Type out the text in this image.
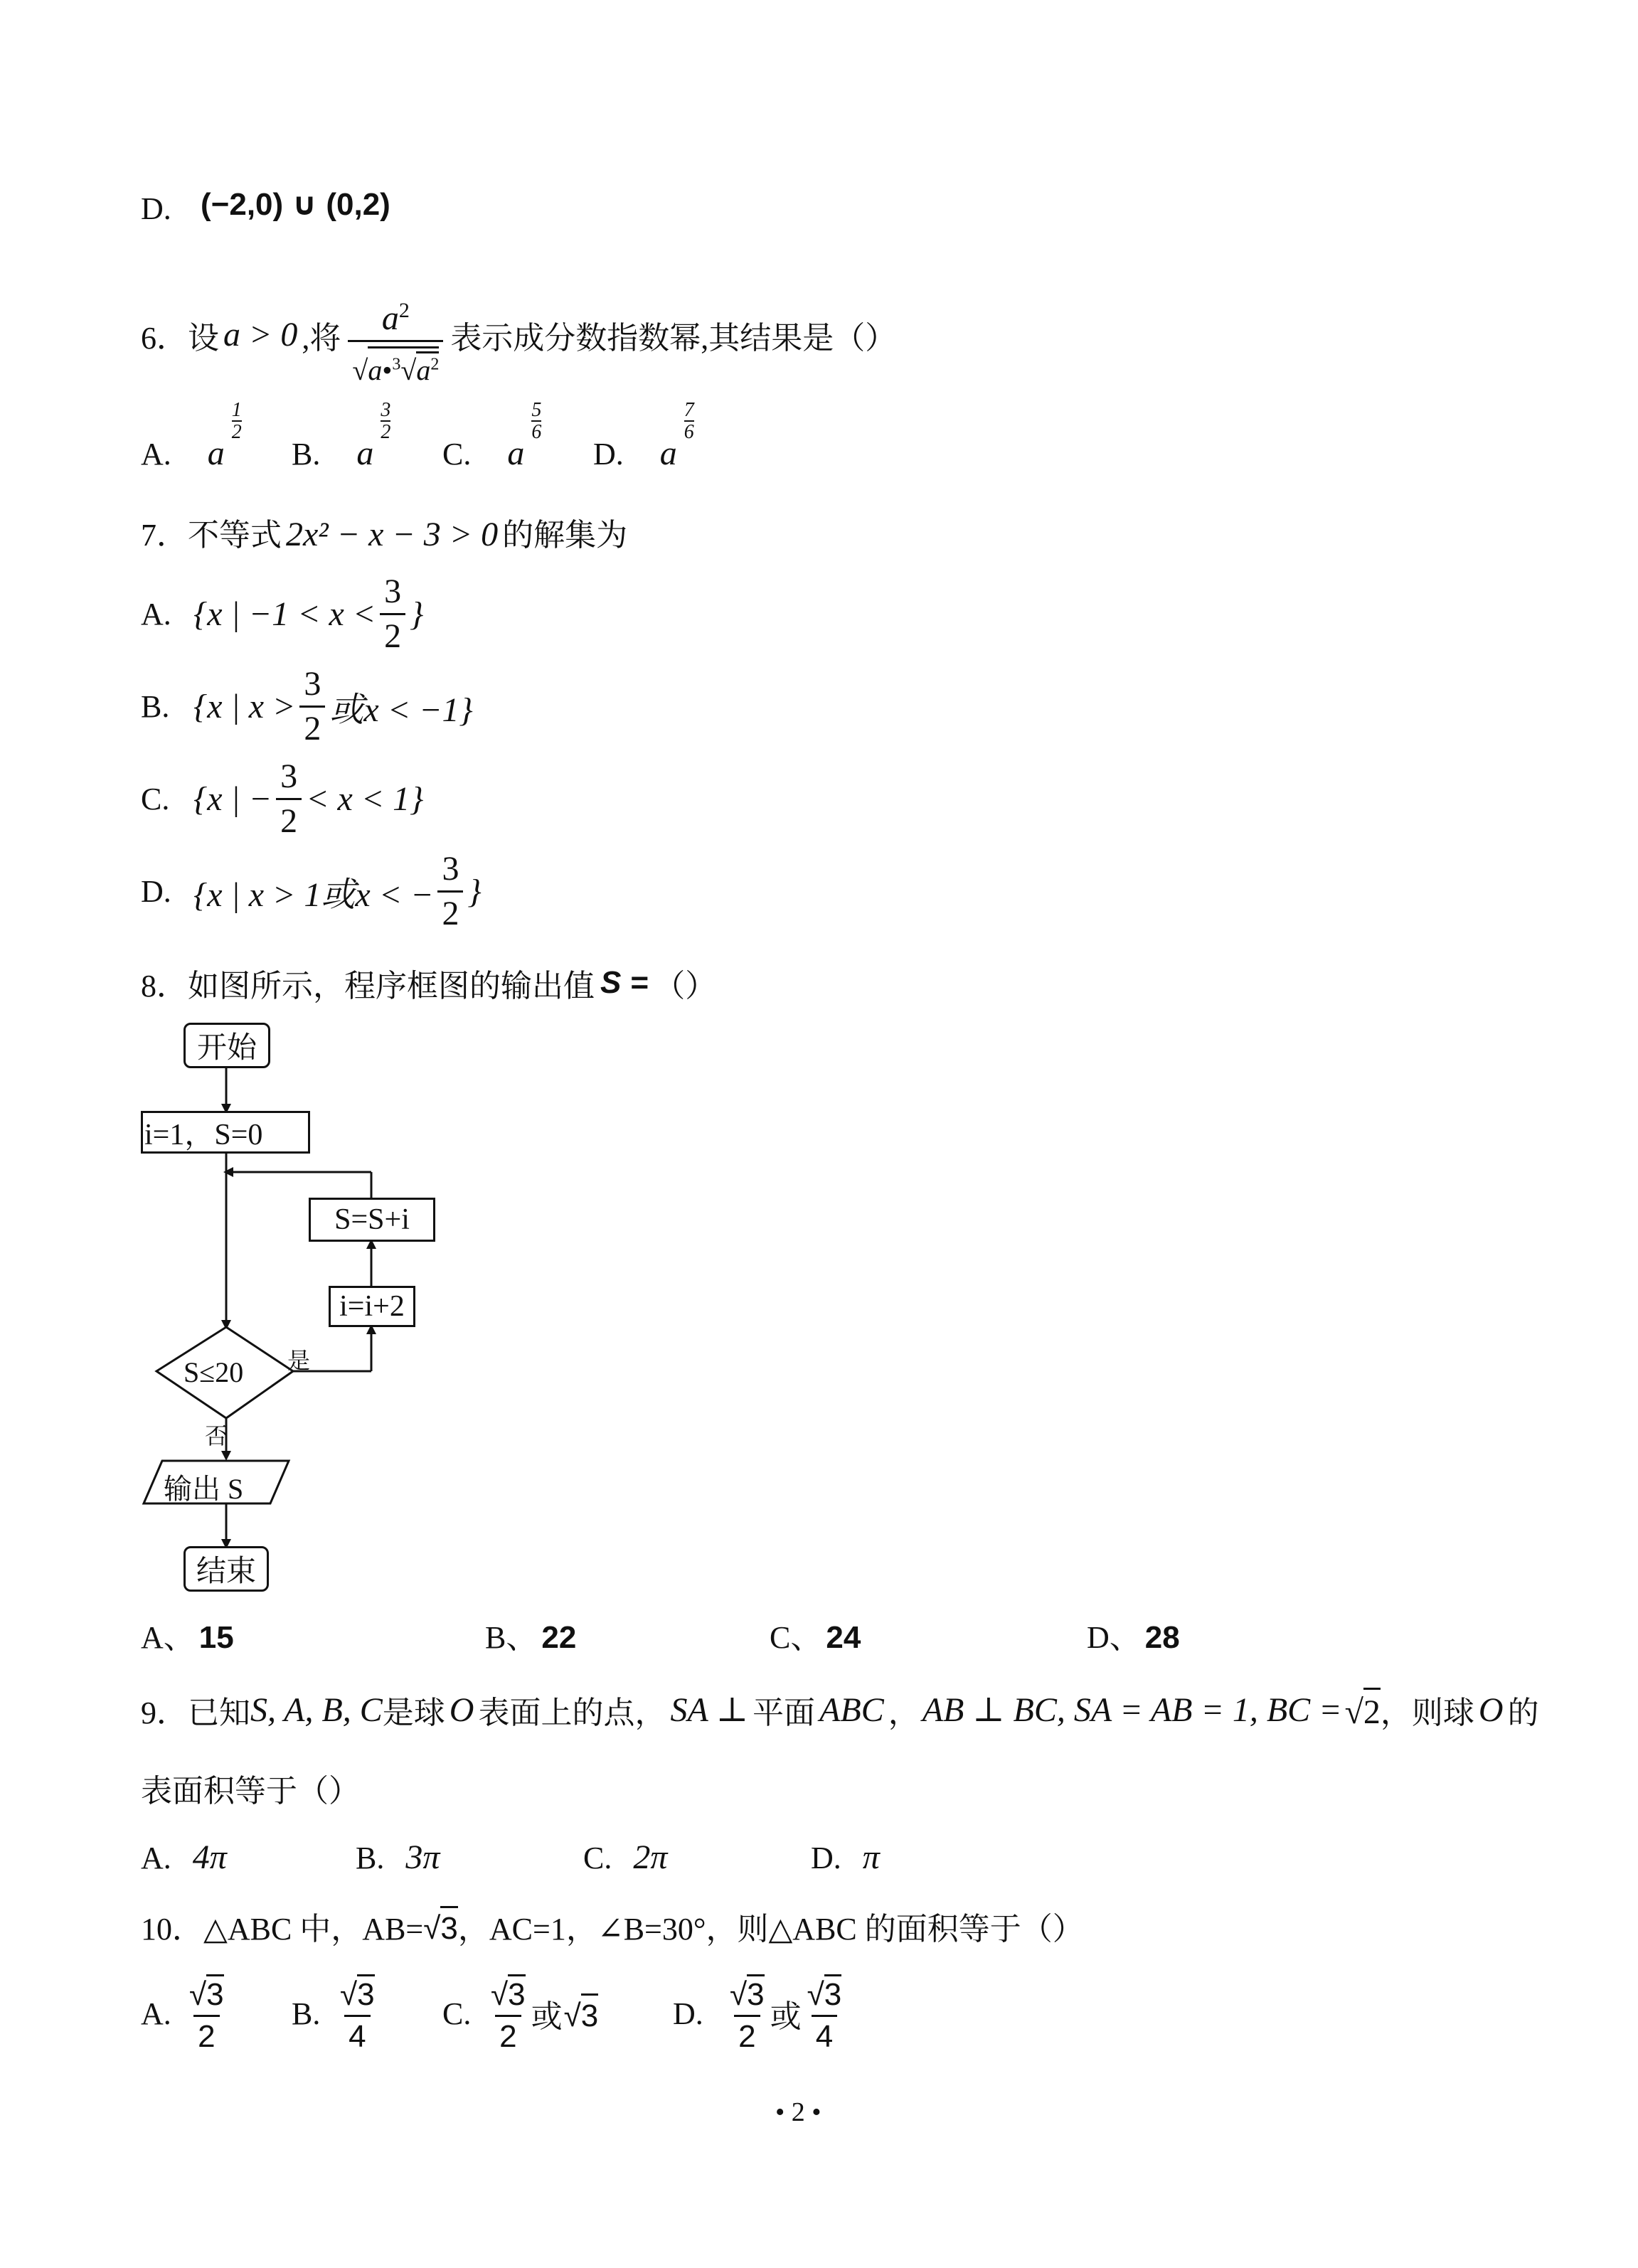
D. (−2,0) ∪ (0,2)
6．设 a > 0 ,将 $\frac{a^2}{√a•^3√a^2}$ 表示成分数指数幂,其结果是（）
A. a
1
2
B. a
3
2
C. a
5
6
D. a
7
6
7．不等式 2x² − x − 3 > 0 的解集为
A. {x | $-1 < x < \frac{3}{2}$ }
B. {x | $x > \frac{3}{2}$ 或x < −1}
C. {x | − $\frac{3}{2} < x < 1$}
D. {x | x > 1或x < − $\frac{3}{2}$ }
8．如图所示，程序框图的输出值 S = （）
开始
i=1，S=0
S=S+i
i=i+2
S≤20 是
否
输出 S
结束
A、 15	B、 22	C、 24	D、 28
9．已知 S, A, B, C 是球 O 表面上的点， SA ⊥ 平面 ABC ， AB ⊥ BC, SA = AB = 1, BC = √2 ，则球 O 的
表面积等于（）
A. 4π	B. 3π	C. 2π	D. π
10．△ABC 中，AB= √3 ，AC=1，∠B=30°，则△ABC 的面积等于（）
A. $\frac{√3}{2} B$. $\frac{√3}{4} C$. $\frac{√3}{2}$ 或 √3 D. $\frac{√3}{2}$ 或 $\frac{√3}{4}$
• 2 •
